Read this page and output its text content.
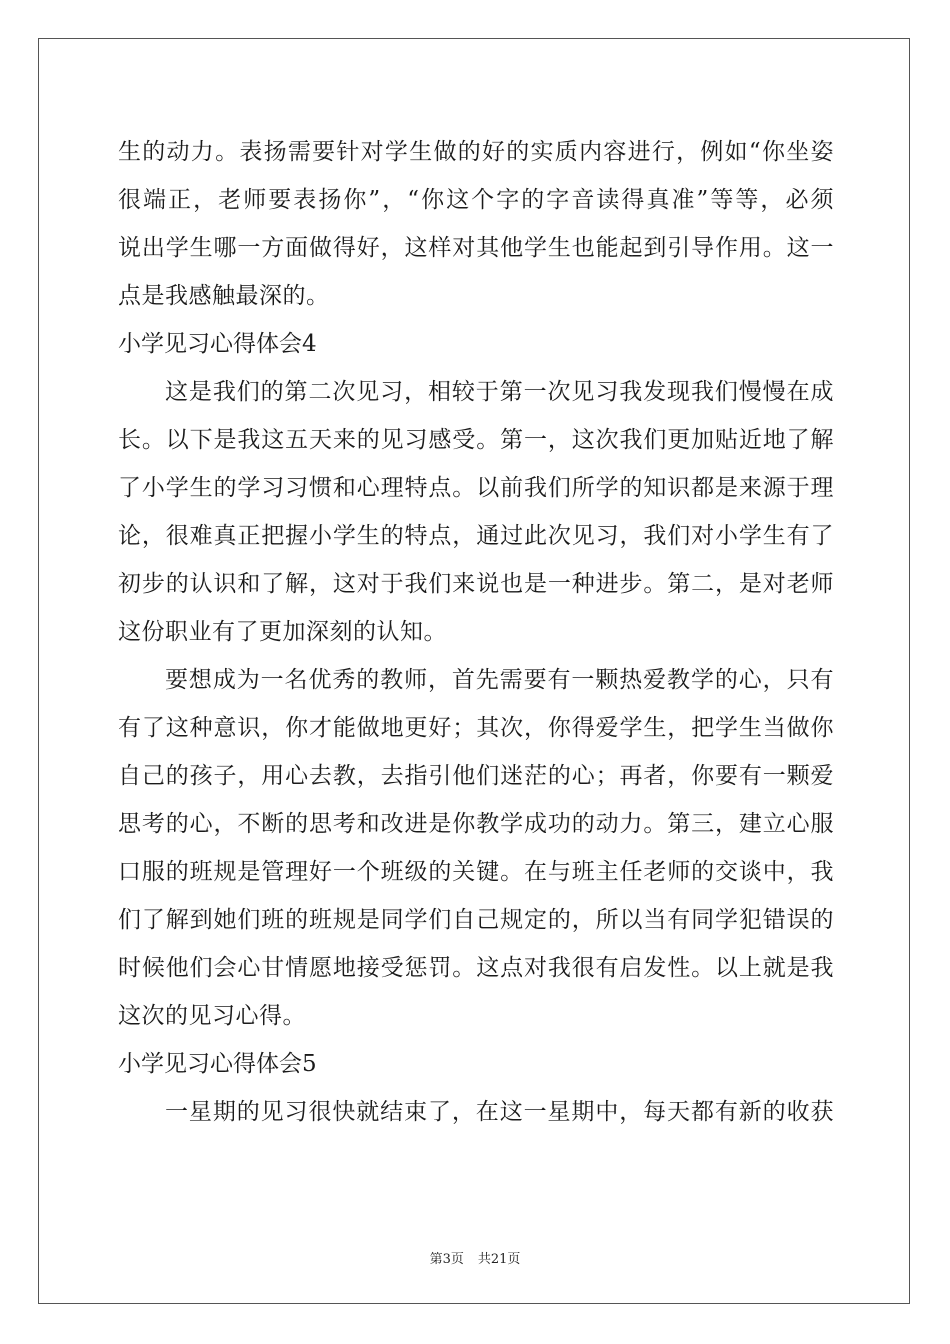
生的动力。表扬需要针对学生做的好的实质内容进行，例如“你坐姿
很端正，老师要表扬你”，“你这个字的字音读得真准”等等，必须
说出学生哪一方面做得好，这样对其他学生也能起到引导作用。这一
点是我感触最深的。
小学见习心得体会4
这是我们的第二次见习，相较于第一次见习我发现我们慢慢在成
长。以下是我这五天来的见习感受。第一，这次我们更加贴近地了解
了小学生的学习习惯和心理特点。以前我们所学的知识都是来源于理
论，很难真正把握小学生的特点，通过此次见习，我们对小学生有了
初步的认识和了解，这对于我们来说也是一种进步。第二，是对老师
这份职业有了更加深刻的认知。
要想成为一名优秀的教师，首先需要有一颗热爱教学的心，只有
有了这种意识，你才能做地更好；其次，你得爱学生，把学生当做你
自己的孩子，用心去教，去指引他们迷茫的心；再者，你要有一颗爱
思考的心，不断的思考和改进是你教学成功的动力。第三，建立心服
口服的班规是管理好一个班级的关键。在与班主任老师的交谈中，我
们了解到她们班的班规是同学们自己规定的，所以当有同学犯错误的
时候他们会心甘情愿地接受惩罚。这点对我很有启发性。以上就是我
这次的见习心得。
小学见习心得体会5
一星期的见习很快就结束了，在这一星期中，每天都有新的收获
第3页 共21页
